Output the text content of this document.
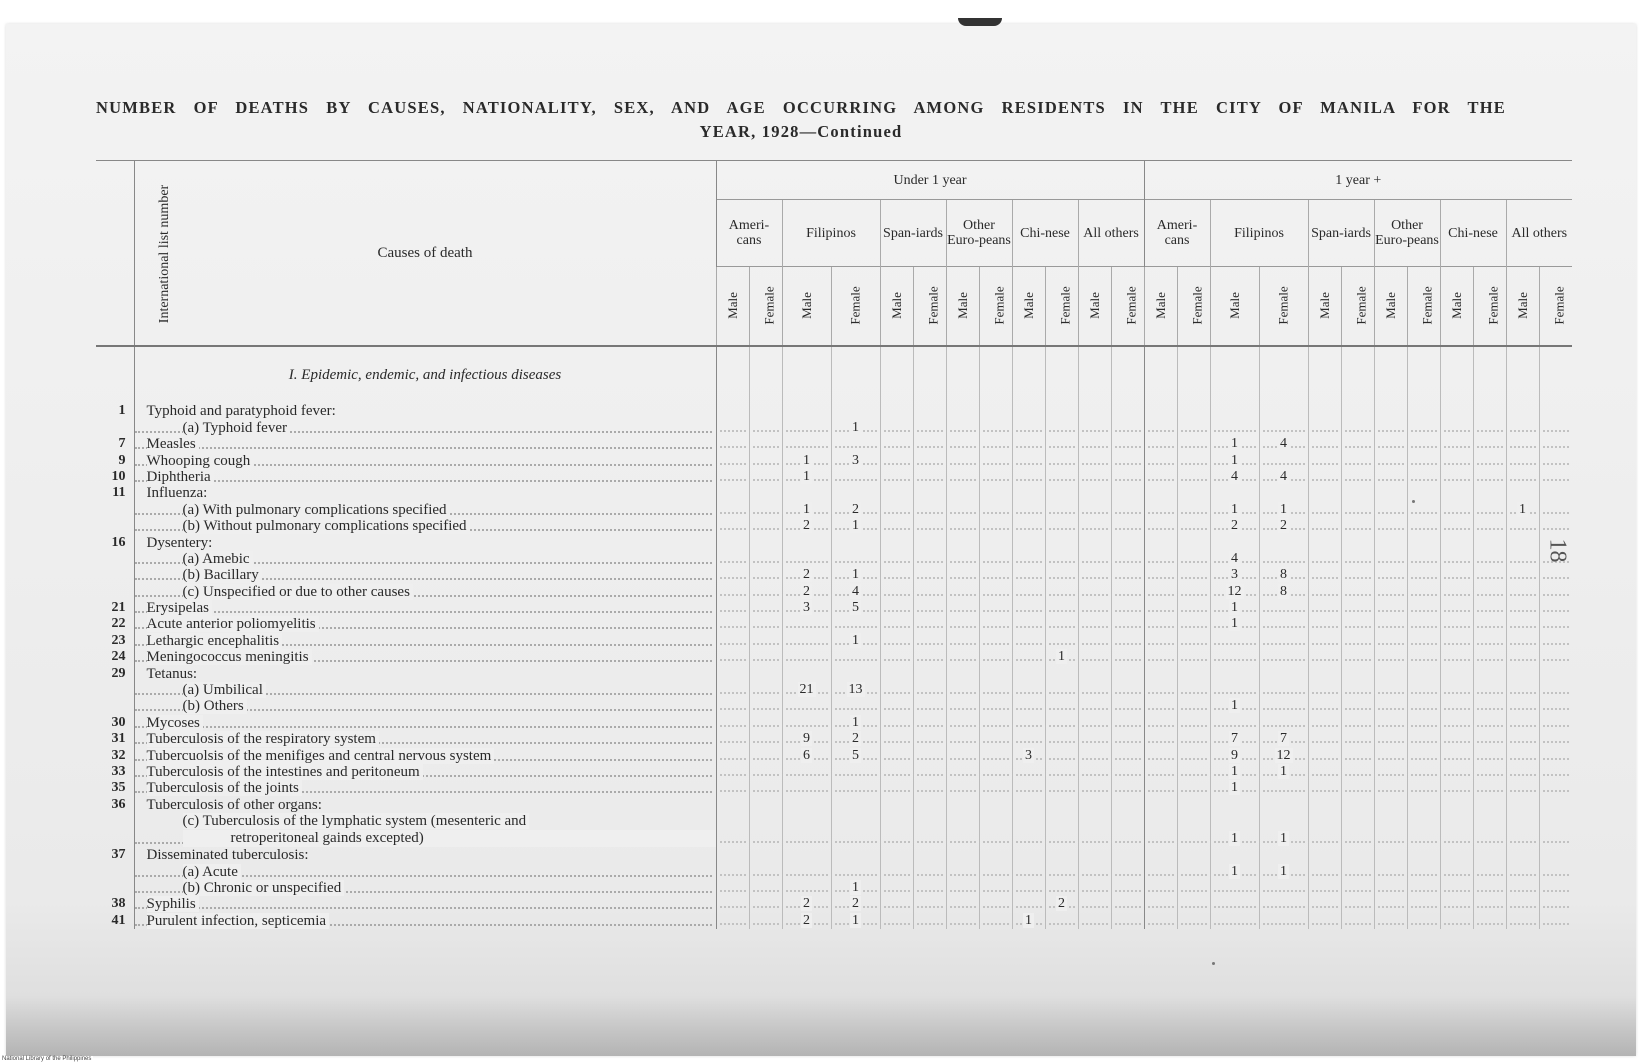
NUMBER OF DEATHS BY CAUSES, NATIONALITY, SEX, AND AGE OCCURRING AMONG RESIDENTS IN THE CITY OF MANILA FOR THE
YEAR, 1928—Continued
International list number	Causes of death	Under 1 year												1 year +											
		Ameri-cans		Filipinos		Span-iards		Other Euro-peans		Chi-nese		All others		Ameri-cans		Filipinos		Span-iards		Other Euro-peans		Chi-nese		All others	
		Male	Female	Male	Female	Male	Female	Male	Female	Male	Female	Male	Female	Male	Female	Male	Female	Male	Female	Male	Female	Male	Female	Male	Female
	I. Epidemic, endemic, and infectious diseases																								
1	Typhoid and paratyphoid fever:																								
	(a) Typhoid fever				1																				
7	Measles															1	4								
9	Whooping cough			1	3											1									
10	Diphtheria			1												4	4								
11	Influenza:																								
	(a) With pulmonary complications specified			1	2											1	1							1	
	(b) Without pulmonary complications specified			2	1											2	2								
16	Dysentery:																								
	(a) Amebic															4									
	(b) Bacillary			2	1											3	8								
	(c) Unspecified or due to other causes			2	4											12	8								
21	Erysipelas			3	5											1									
22	Acute anterior poliomyelitis															1									
23	Lethargic encephalitis				1																				
24	Meningococcus meningitis										1														
29	Tetanus:																								
	(a) Umbilical			21	13																				
	(b) Others															1									
30	Mycoses				1																				
31	Tuberculosis of the respiratory system			9	2											7	7								
32	Tubercuolsis of the menifiges and central nervous system			6	5					3						9	12								
33	Tuberculosis of the intestines and peritoneum															1	1								
35	Tuberculosis of the joints															1									
36	Tuberculosis of other organs:																								
	(c) Tuberculosis of the lymphatic system (mesenteric and
retroperitoneal gainds excepted)															1	1								
37	Disseminated tuberculosis:																								
	(a) Acute															1	1								
	(b) Chronic or unspecified				1																				
38	Syphilis			2	2						2														
41	Purulent infection, septicemia			2	1					1															
18
National Library of the Philippines
